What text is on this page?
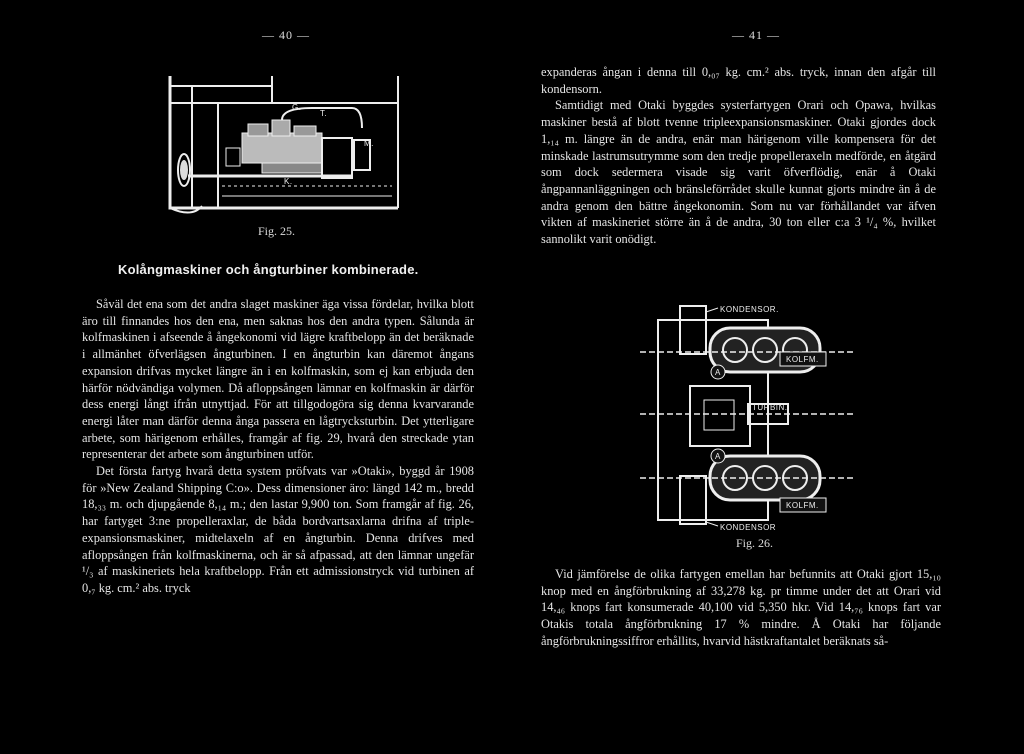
— 40 —
G.
T.
M.
K.
Fig. 25.
Kolångmaskiner och ångturbiner kombinerade.

Såväl det ena som det andra slaget maskiner äga vissa fördelar, hvilka blott äro till finnandes hos den ena, men saknas hos den andra typen. Sålunda är kolfmaskinen i afseende å ångekonomi vid lägre kraftbelopp än det beräknade i allmänhet öfverlägsen ångturbinen. I en ångturbin kan däremot ångans expansion drifvas mycket längre än i en kolfmaskin, som ej kan erbjuda den härför nödvändiga volymen. Då afloppsången lämnar en kolfmaskin är därför dess energi långt ifrån utnyttjad. För att tillgodogöra sig denna kvarvarande energi låter man därför denna ånga passera en lågtrycksturbin. Det ytterligare arbete, som härigenom erhålles, framgår af fig. 29, hvarå den streckade ytan representerar det arbete som ångturbinen utför.

Det första fartyg hvarå detta system pröfvats var »Otaki», byggd år 1908 för »New Zealand Shipping C:o». Dess dimensioner äro: längd 142 m., bredd 18,₃₃ m. och djupgående 8,₁₄ m.; den lastar 9,900 ton. Som framgår af fig. 26, har fartyget 3:ne propelleraxlar, de båda bordvartsaxlarna drifna af triple-expansionsmaskiner, midtelaxeln af en ångturbin. Denna drifves med afloppsången från kolfmaskinerna, och är så afpassad, att den lämnar ungefär ¹/₃ af maskineriets hela kraftbelopp. Från ett admissionstryck vid turbinen af 0,₇ kg. cm.² abs. tryck

— 41 —

expanderas ångan i denna till 0,₀₇ kg. cm.² abs. tryck, innan den afgår till kondensorn.

Samtidigt med Otaki byggdes systerfartygen Orari och Opawa, hvilkas maskiner bestå af blott tvenne tripleexpansionsmaskiner. Otaki gjordes dock 1,₁₄ m. längre än de andra, enär man härigenom ville kompensera för det minskade lastrumsutrymme som den tredje propelleraxeln medförde, en åtgärd som dock sedermera visade sig varit öfverflödig, enär å Otaki ångpannanläggningen och bränsleförrådet skulle kunnat gjorts mindre än å de andra genom den bättre ångekonomin. Som nu var förhållandet var äfven vikten af maskineriet större än å de andra, 30 ton eller c:a 3 ¹/₄ %, hvilket sannolikt varit onödigt.

KONDENSOR.
KOLFM.
A
TURBIN.
KOLFM.
A
KONDENSOR
Fig. 26.

Vid jämförelse de olika fartygen emellan har befunnits att Otaki gjort 15,₁₀ knop med en ångförbrukning af 33,278 kg. pr timme under det att Orari vid 14,₄₆ knops fart konsumerade 40,100 vid 5,350 hkr. Vid 14,₇₆ knops fart var Otakis totala ångförbrukning 17 % mindre. Å Otaki har följande ångförbrukningssiffror erhållits, hvarvid hästkraftantalet beräknats så-
